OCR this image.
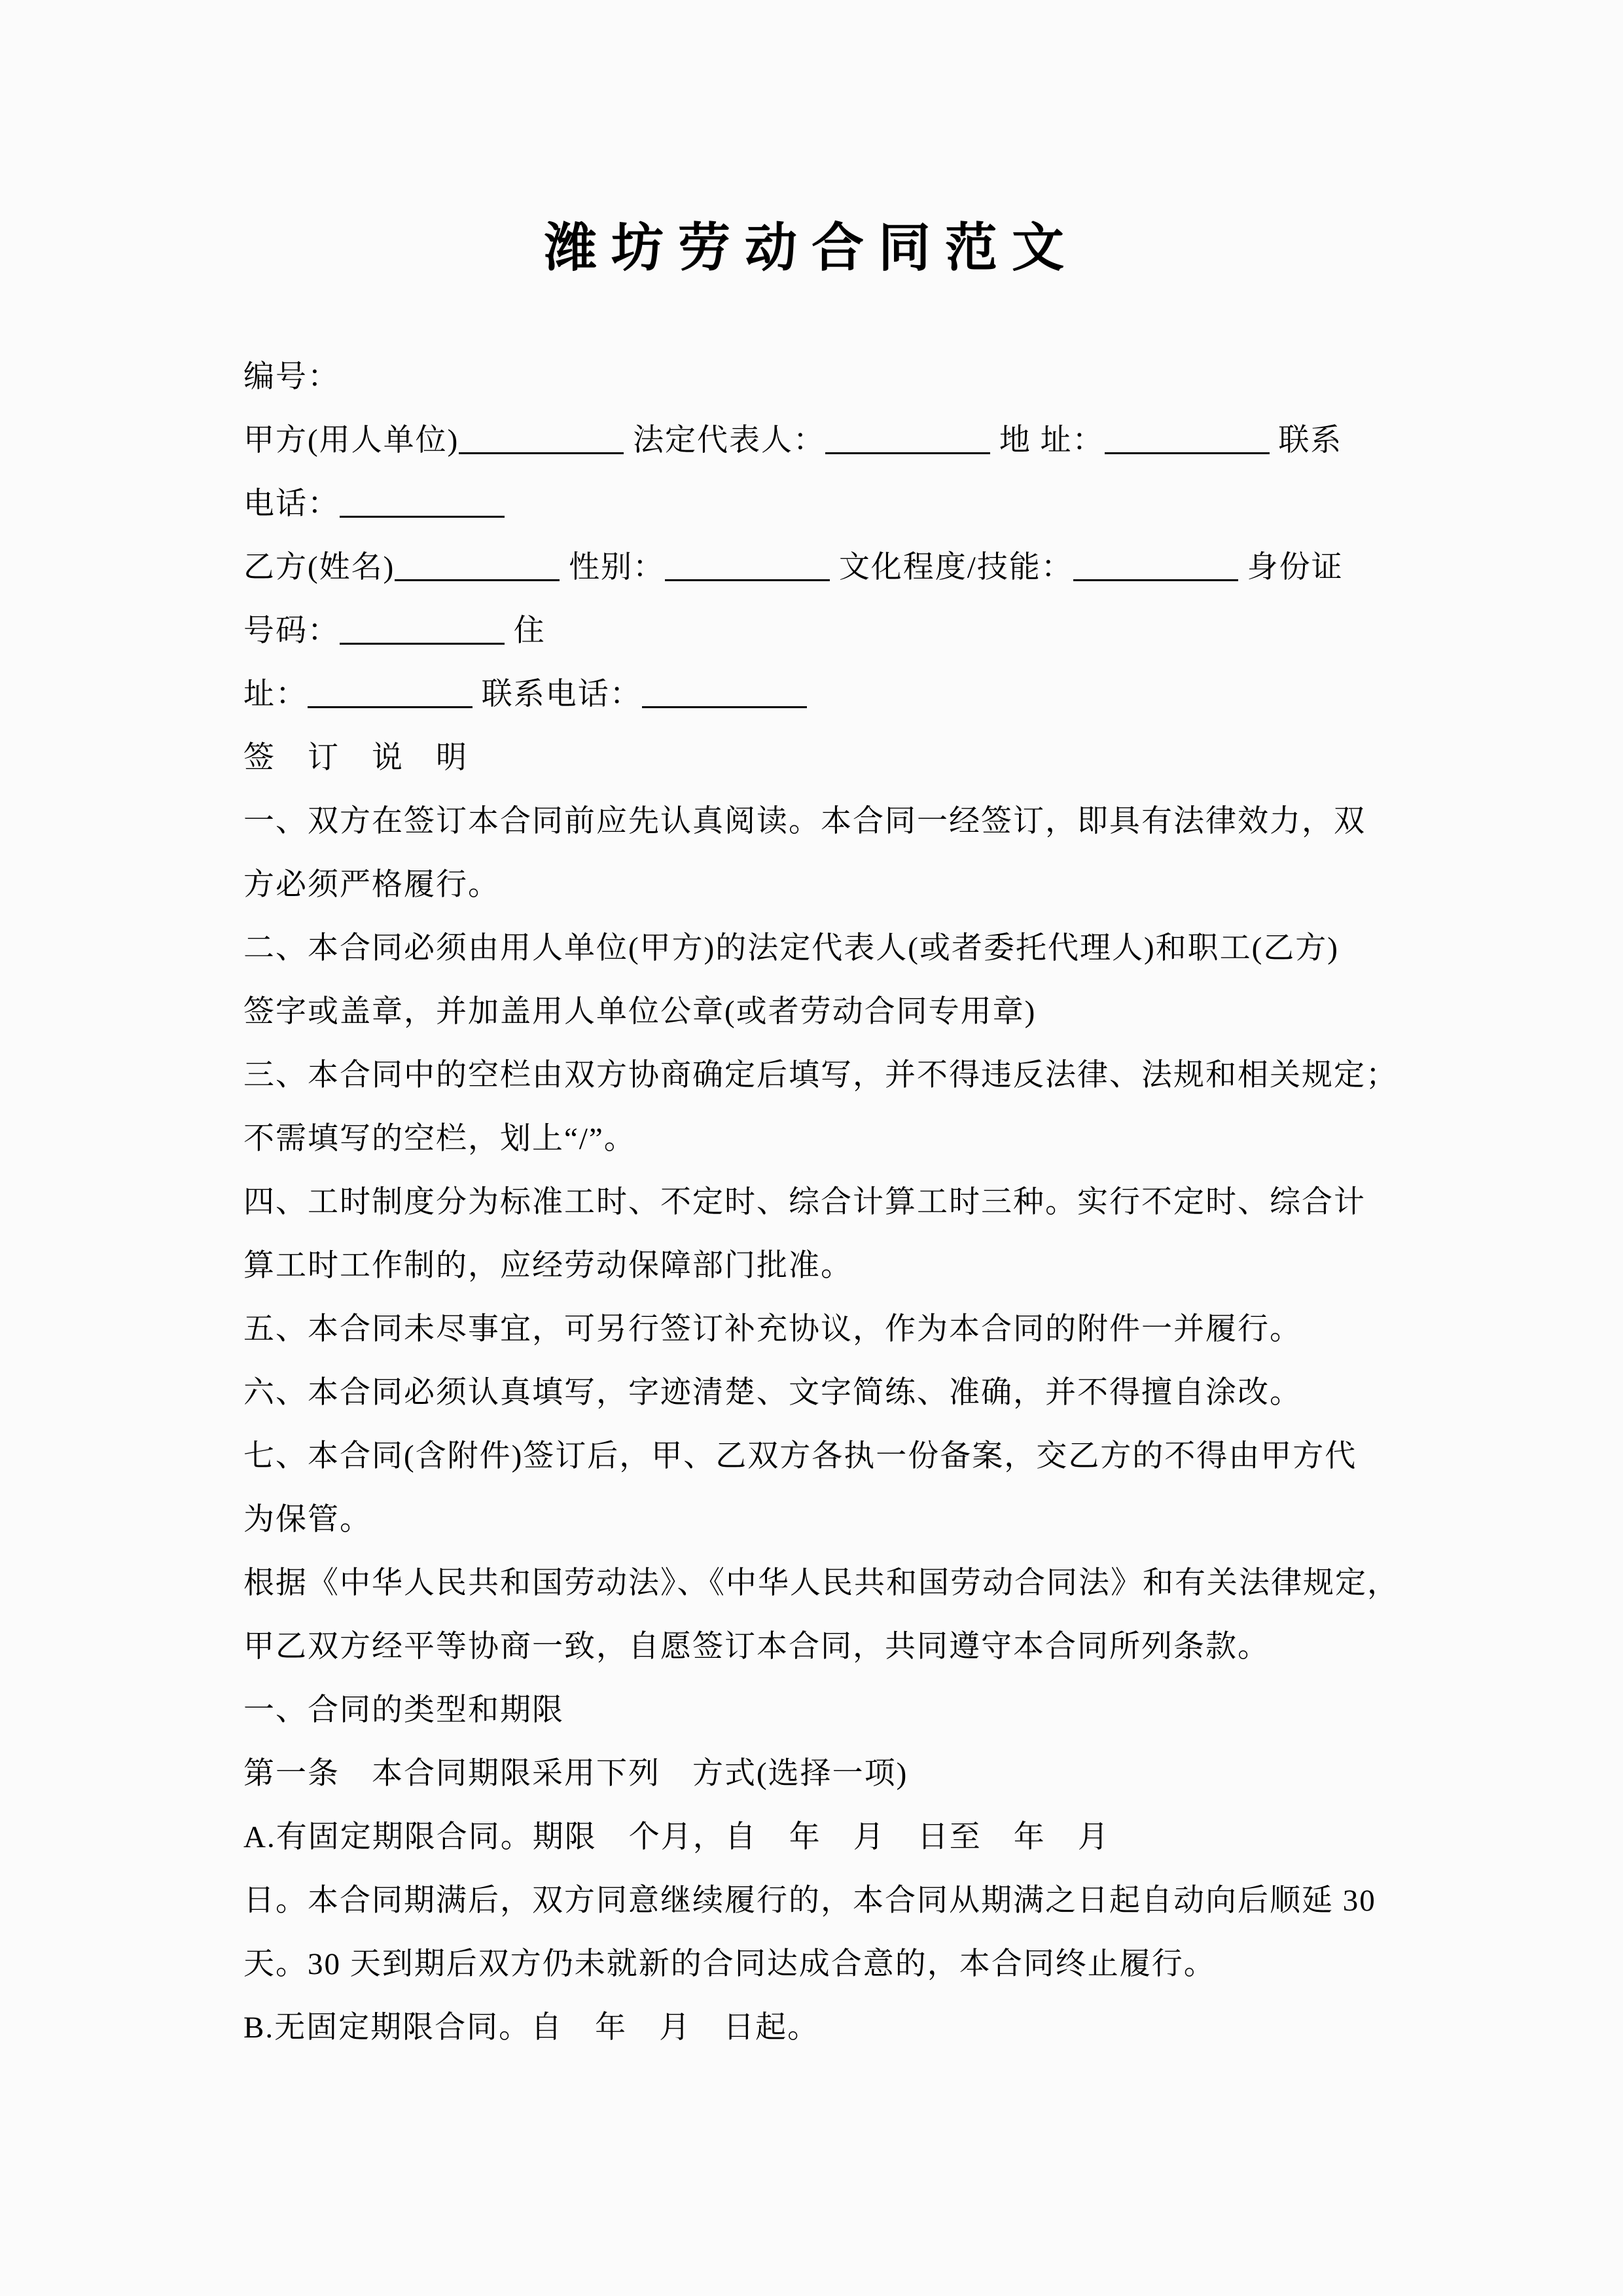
潍坊劳动合同范文
编号：
甲方(用人单位)	法定代表人：	地 址：	联系
电话：
乙方(姓名)	性别：	文化程度/技能：	身份证
号码：	住
址：	联系电话：
签　订　说　明
一、双方在签订本合同前应先认真阅读。本合同一经签订，即具有法律效力，双
方必须严格履行。
二、本合同必须由用人单位(甲方)的法定代表人(或者委托代理人)和职工(乙方)
签字或盖章，并加盖用人单位公章(或者劳动合同专用章)
三、本合同中的空栏由双方协商确定后填写，并不得违反法律、法规和相关规定；
不需填写的空栏，划上“/”。
四、工时制度分为标准工时、不定时、综合计算工时三种。实行不定时、综合计
算工时工作制的，应经劳动保障部门批准。
五、本合同未尽事宜，可另行签订补充协议，作为本合同的附件一并履行。
六、本合同必须认真填写，字迹清楚、文字简练、准确，并不得擅自涂改。
七、本合同(含附件)签订后，甲、乙双方各执一份备案，交乙方的不得由甲方代
为保管。
根据《中华人民共和国劳动法》、《中华人民共和国劳动合同法》和有关法律规定，
甲乙双方经平等协商一致，自愿签订本合同，共同遵守本合同所列条款。
一、合同的类型和期限
第一条　本合同期限采用下列　方式(选择一项)
A.有固定期限合同。期限　个月，自　年　月　日至　年　月
日。本合同期满后，双方同意继续履行的，本合同从期满之日起自动向后顺延 30
天。30 天到期后双方仍未就新的合同达成合意的，本合同终止履行。
B.无固定期限合同。自　年　月　日起。
